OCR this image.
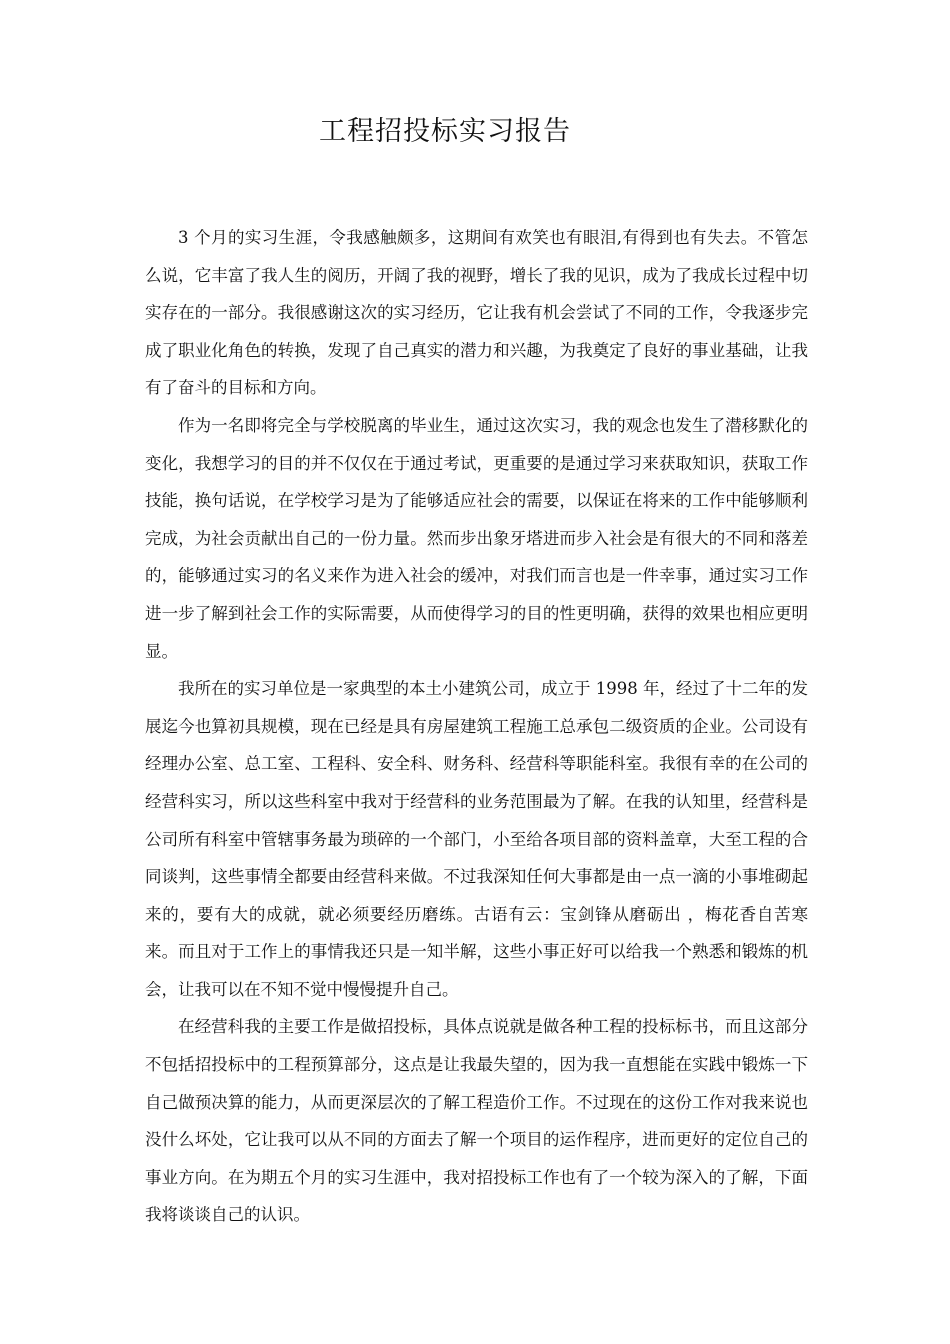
工程招投标实习报告

3 个月的实习生涯，令我感触颇多，这期间有欢笑也有眼泪,有得到也有失去。不管怎么说，它丰富了我人生的阅历，开阔了我的视野，增长了我的见识，成为了我成长过程中切实存在的一部分。我很感谢这次的实习经历，它让我有机会尝试了不同的工作，令我逐步完成了职业化角色的转换，发现了自己真实的潜力和兴趣，为我奠定了良好的事业基础，让我有了奋斗的目标和方向。

作为一名即将完全与学校脱离的毕业生，通过这次实习，我的观念也发生了潜移默化的变化，我想学习的目的并不仅仅在于通过考试，更重要的是通过学习来获取知识，获取工作技能，换句话说，在学校学习是为了能够适应社会的需要，以保证在将来的工作中能够顺利完成，为社会贡献出自己的一份力量。然而步出象牙塔进而步入社会是有很大的不同和落差的，能够通过实习的名义来作为进入社会的缓冲，对我们而言也是一件幸事，通过实习工作进一步了解到社会工作的实际需要，从而使得学习的目的性更明确，获得的效果也相应更明显。

我所在的实习单位是一家典型的本土小建筑公司，成立于 1998 年，经过了十二年的发展迄今也算初具规模，现在已经是具有房屋建筑工程施工总承包二级资质的企业。公司设有经理办公室、总工室、工程科、安全科、财务科、经营科等职能科室。我很有幸的在公司的经营科实习，所以这些科室中我对于经营科的业务范围最为了解。在我的认知里，经营科是公司所有科室中管辖事务最为琐碎的一个部门，小至给各项目部的资料盖章，大至工程的合同谈判，这些事情全都要由经营科来做。不过我深知任何大事都是由一点一滴的小事堆砌起来的，要有大的成就，就必须要经历磨练。古语有云：宝剑锋从磨砺出 ，梅花香自苦寒来。而且对于工作上的事情我还只是一知半解，这些小事正好可以给我一个熟悉和锻炼的机会，让我可以在不知不觉中慢慢提升自己。

在经营科我的主要工作是做招投标，具体点说就是做各种工程的投标标书，而且这部分不包括招投标中的工程预算部分，这点是让我最失望的，因为我一直想能在实践中锻炼一下自己做预决算的能力，从而更深层次的了解工程造价工作。不过现在的这份工作对我来说也没什么坏处，它让我可以从不同的方面去了解一个项目的运作程序，进而更好的定位自己的事业方向。在为期五个月的实习生涯中，我对招投标工作也有了一个较为深入的了解，下面我将谈谈自己的认识。
